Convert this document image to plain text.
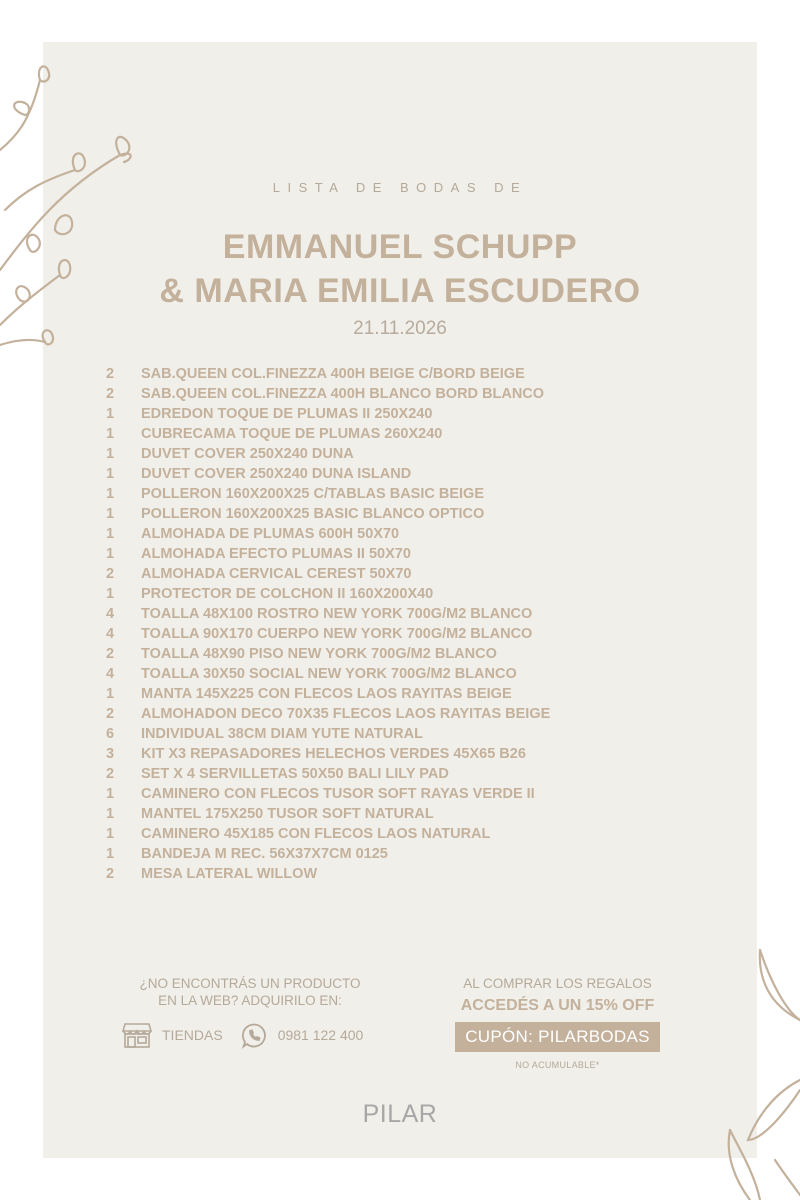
LISTA DE BODAS DE
EMMANUEL SCHUPP
& MARIA EMILIA ESCUDERO
21.11.2026
2 SAB.QUEEN COL.FINEZZA 400H BEIGE C/BORD BEIGE
2 SAB.QUEEN COL.FINEZZA 400H BLANCO BORD BLANCO
1 EDREDON TOQUE DE PLUMAS II 250X240
1 CUBRECAMA TOQUE DE PLUMAS 260X240
1 DUVET COVER 250X240 DUNA
1 DUVET COVER 250X240 DUNA ISLAND
1 POLLERON 160X200X25 C/TABLAS BASIC BEIGE
1 POLLERON 160X200X25 BASIC BLANCO OPTICO
1 ALMOHADA DE PLUMAS 600H 50X70
1 ALMOHADA EFECTO PLUMAS II 50X70
2 ALMOHADA CERVICAL CEREST 50X70
1 PROTECTOR DE COLCHON II 160X200X40
4 TOALLA 48X100 ROSTRO NEW YORK 700G/M2 BLANCO
4 TOALLA 90X170 CUERPO NEW YORK 700G/M2 BLANCO
2 TOALLA 48X90 PISO NEW YORK 700G/M2 BLANCO
4 TOALLA 30X50 SOCIAL NEW YORK 700G/M2 BLANCO
1 MANTA 145X225 CON FLECOS LAOS RAYITAS BEIGE
2 ALMOHADON DECO 70X35 FLECOS LAOS RAYITAS BEIGE
6 INDIVIDUAL 38CM DIAM YUTE NATURAL
3 KIT X3 REPASADORES HELECHOS VERDES 45X65 B26
2 SET X 4 SERVILLETAS 50X50 BALI LILY PAD
1 CAMINERO CON FLECOS TUSOR SOFT RAYAS VERDE II
1 MANTEL 175X250 TUSOR SOFT NATURAL
1 CAMINERO 45X185 CON FLECOS LAOS NATURAL
1 BANDEJA M REC. 56X37X7CM 0125
2 MESA LATERAL WILLOW
¿NO ENCONTRÁS UN PRODUCTO
EN LA WEB? ADQUIRILO EN:
TIENDAS	0981 122 400
AL COMPRAR LOS REGALOS
ACCEDÉS A UN 15% OFF
CUPÓN: PILARBODAS
NO ACUMULABLE*
PILAR
